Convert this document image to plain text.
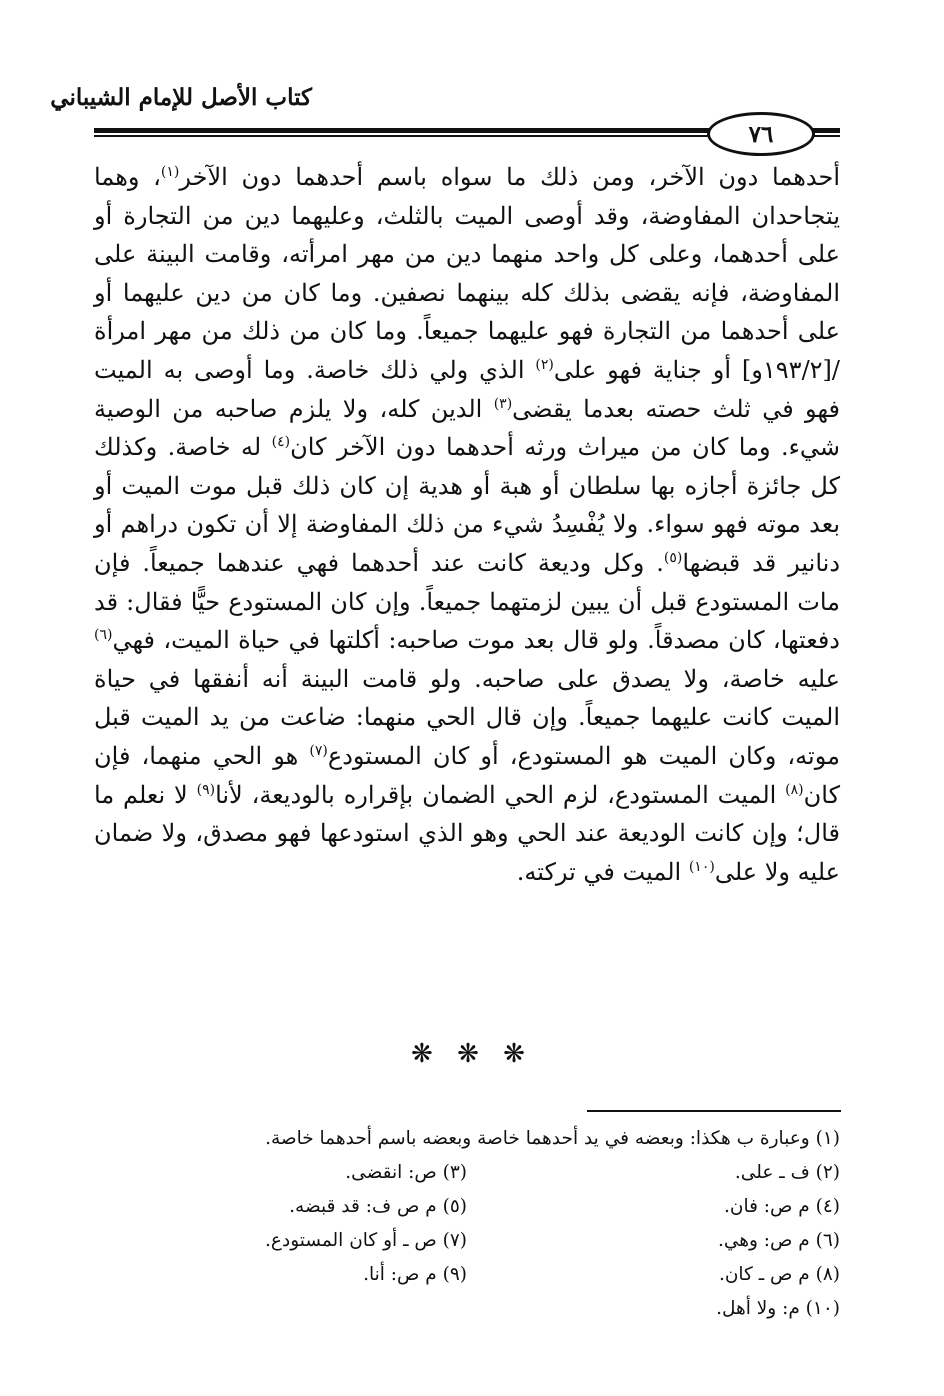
كتاب الأصل للإمام الشيباني
٧٦

أحدهما دون الآخر، ومن ذلك ما سواه باسم أحدهما دون الآخر$^{(١)}$، وهما يتجاحدان المفاوضة، وقد أوصى الميت بالثلث، وعليهما دين من التجارة أو على أحدهما، وعلى كل واحد منهما دين من مهر امرأته، وقامت البينة على المفاوضة، فإنه يقضى بذلك كله بينهما نصفين. وما كان من دين عليهما أو على أحدهما من التجارة فهو عليهما جميعاً. وما كان من ذلك من مهر امرأة /[١٩٣/٢و] أو جناية فهو على$^{(٢)}$ الذي ولي ذلك خاصة. وما أوصى به الميت فهو في ثلث حصته بعدما يقضى$^{(٣)}$ الدين كله، ولا يلزم صاحبه من الوصية شيء. وما كان من ميراث ورثه أحدهما دون الآخر كان$^{(٤)}$ له خاصة. وكذلك كل جائزة أجازه بها سلطان أو هبة أو هدية إن كان ذلك قبل موت الميت أو بعد موته فهو سواء. ولا يُفْسِدُ شيء من ذلك المفاوضة إلا أن تكون دراهم أو دنانير قد قبضها$^{(٥)}$. وكل وديعة كانت عند أحدهما فهي عندهما جميعاً. فإن مات المستودع قبل أن يبين لزمتهما جميعاً. وإن كان المستودع حيًّا فقال: قد دفعتها، كان مصدقاً. ولو قال بعد موت صاحبه: أكلتها في حياة الميت، فهي$^{(٦)}$ عليه خاصة، ولا يصدق على صاحبه. ولو قامت البينة أنه أنفقها في حياة الميت كانت عليهما جميعاً. وإن قال الحي منهما: ضاعت من يد الميت قبل موته، وكان الميت هو المستودع، أو كان المستودع$^{(٧)}$ هو الحي منهما، فإن كان$^{(٨)}$ الميت المستودع، لزم الحي الضمان بإقراره بالوديعة، لأنا$^{(٩)}$ لا نعلم ما قال؛ وإن كانت الوديعة عند الحي وهو الذي استودعها فهو مصدق، ولا ضمان عليه ولا على$^{(١٠)}$ الميت في تركته.

❋ ❋ ❋
(١) وعبارة ب هكذا: وبعضه في يد أحدهما خاصة وبعضه باسم أحدهما خاصة.
(٢) ف ـ على.
(٣) ص: انقضى.
(٤) م ص: فان.
(٥) م ص ف: قد قبضه.
(٦) م ص: وهي.
(٧) ص ـ أو كان المستودع.
(٨) م ص ـ كان.
(٩) م ص: أنا.
(١٠) م: ولا أهل.
